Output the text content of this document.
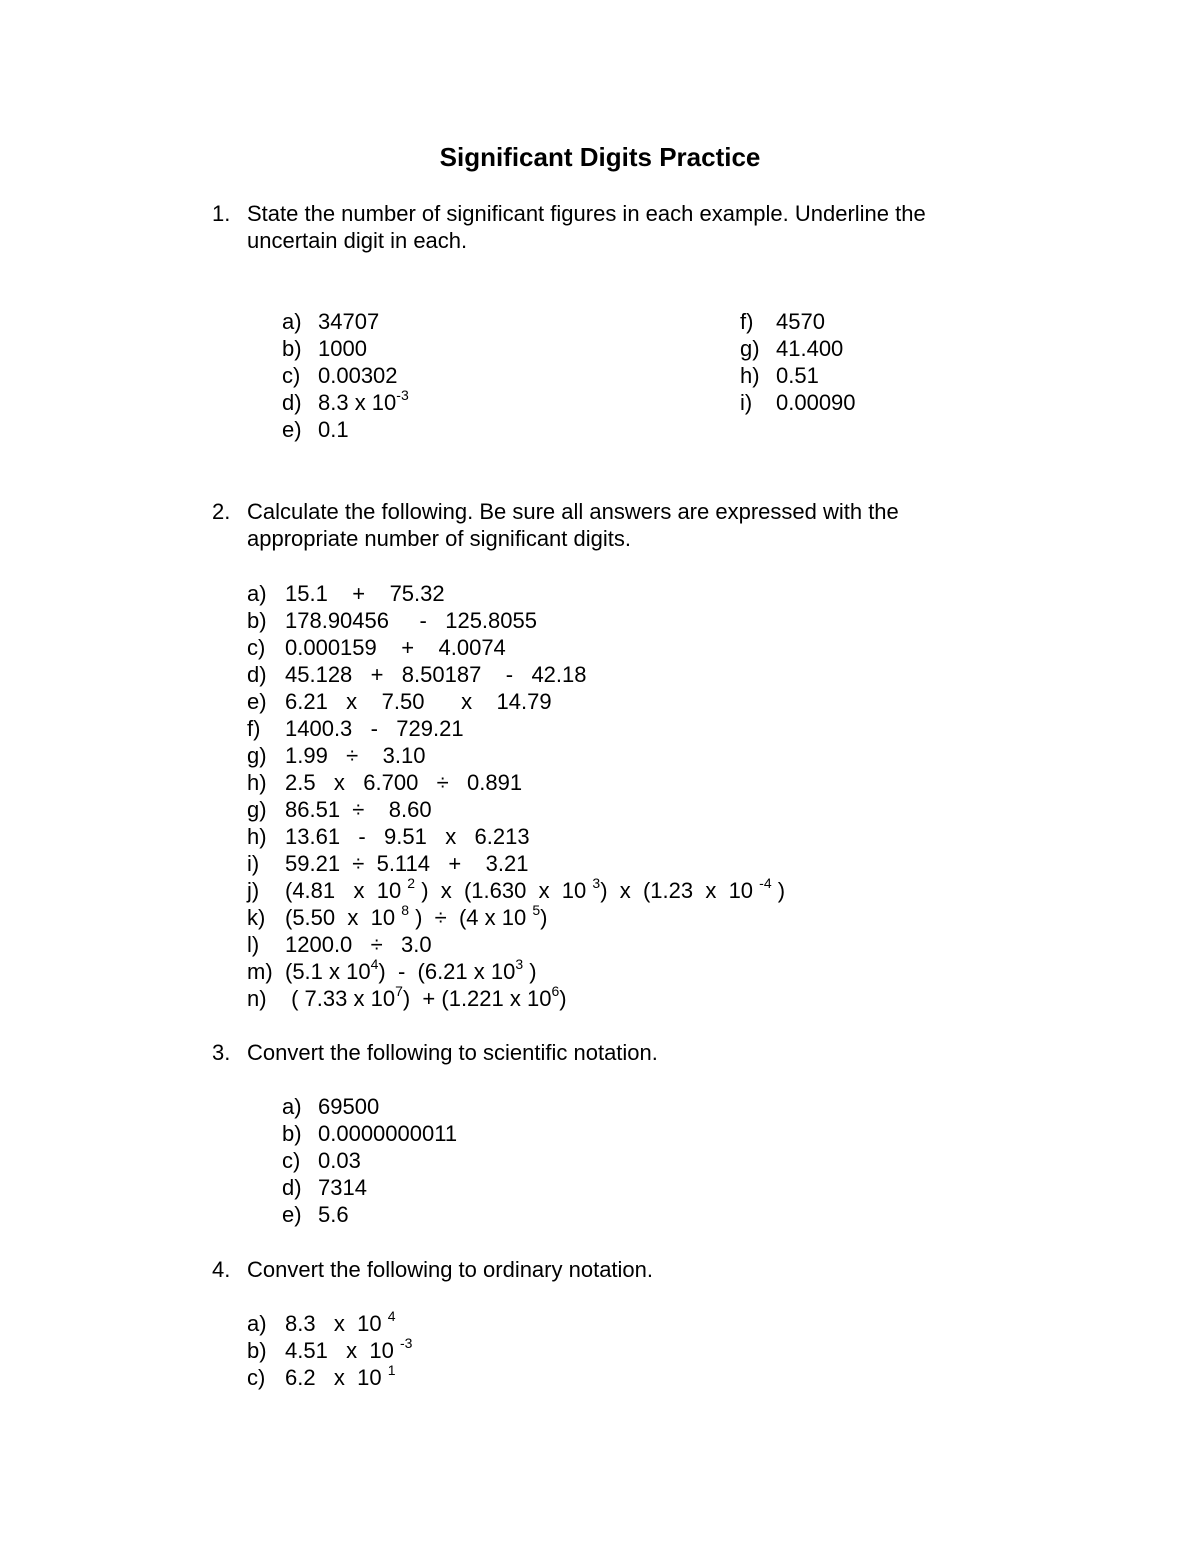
Significant Digits Practice
1. State the number of significant figures in each example. Underline the uncertain digit in each.
2. Calculate the following. Be sure all answers are expressed with the appropriate number of significant digits.
3. Convert the following to scientific notation.
4. Convert the following to ordinary notation.
a) 34707
b) 1000
c) 0.00302
d) 8.3 x $10^{-3}$
e) 0.1
f) 4570
g) 41.400
h) 0.51
i) 0.00090
a) 15.1    +    75.32
b) 178.90456     -   125.8055
c) 0.000159    +    4.0074
d) 45.128   +   8.50187    -   42.18
e) 6.21   x    7.50      x    14.79
f) 1400.3   -   729.21
g) 1.99   ÷    3.10
h) 2.5   x   6.700   ÷   0.891
g) 86.51  ÷    8.60
h) 13.61   -   9.51   x   6.213
i) 59.21  ÷  5.114   +    3.21
j) (4.81   x  10 $^2$ )  x  (1.630  x  10 $^3$)  x  (1.23  x  10 $^{-4}$ )
k) (5.50  x  10 $^8$ )  ÷  (4 x 10 $^5$)
l) 1200.0   ÷   3.0
m) (5.1 x $10^4) - (6.21$ x $10^3$ )
n) ( 7.33 x $10^7) + (1.221$ x $10^6$)
a) 69500
b) 0.0000000011
c) 0.03
d) 7314
e) 5.6
a) 8.3   x  10 $^4$
b) 4.51   x  10 $^{-3}$
c) 6.2   x  10 $^1$
